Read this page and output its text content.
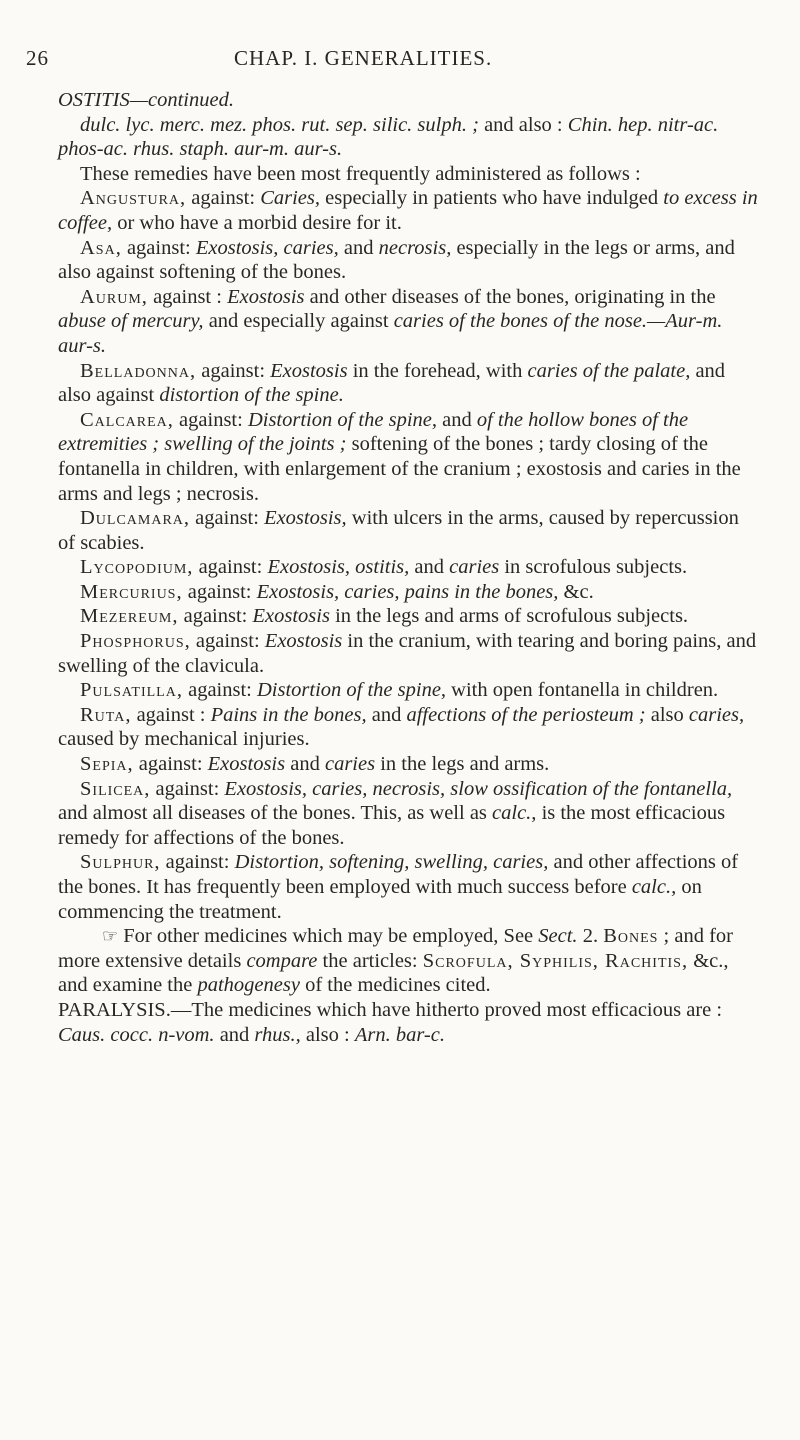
26	CHAP. I. GENERALITIES.

OSTITIS—continued.

dulc. lyc. merc. mez. phos. rut. sep. silic. sulph. ; and also : Chin. hep. nitr-ac. phos-ac. rhus. staph. aur-m. aur-s.

These remedies have been most frequently administered as follows :

Angustura, against: Caries, especially in patients who have indulged to excess in coffee, or who have a morbid desire for it.

Asa, against: Exostosis, caries, and necrosis, especially in the legs or arms, and also against softening of the bones.

Aurum, against : Exostosis and other diseases of the bones, originating in the abuse of mercury, and especially against caries of the bones of the nose.—Aur-m. aur-s.

Belladonna, against: Exostosis in the forehead, with caries of the palate, and also against distortion of the spine.

Calcarea, against: Distortion of the spine, and of the hollow bones of the extremities ; swelling of the joints ; softening of the bones ; tardy closing of the fontanella in children, with enlargement of the cranium ; exostosis and caries in the arms and legs ; necrosis.

Dulcamara, against: Exostosis, with ulcers in the arms, caused by repercussion of scabies.

Lycopodium, against: Exostosis, ostitis, and caries in scrofulous subjects.

Mercurius, against: Exostosis, caries, pains in the bones, &c.

Mezereum, against: Exostosis in the legs and arms of scrofulous subjects.

Phosphorus, against: Exostosis in the cranium, with tearing and boring pains, and swelling of the clavicula.

Pulsatilla, against: Distortion of the spine, with open fontanella in children.

Ruta, against : Pains in the bones, and affections of the periosteum ; also caries, caused by mechanical injuries.

Sepia, against: Exostosis and caries in the legs and arms.

Silicea, against: Exostosis, caries, necrosis, slow ossification of the fontanella, and almost all diseases of the bones. This, as well as calc., is the most efficacious remedy for affections of the bones.

Sulphur, against: Distortion, softening, swelling, caries, and other affections of the bones. It has frequently been employed with much success before calc., on commencing the treatment.

☞ For other medicines which may be employed, See Sect. 2. Bones ; and for more extensive details compare the articles: Scrofula, Syphilis, Rachitis, &c., and examine the pathogenesy of the medicines cited.

PARALYSIS.—The medicines which have hitherto proved most efficacious are : Caus. cocc. n-vom. and rhus., also : Arn. bar-c.
